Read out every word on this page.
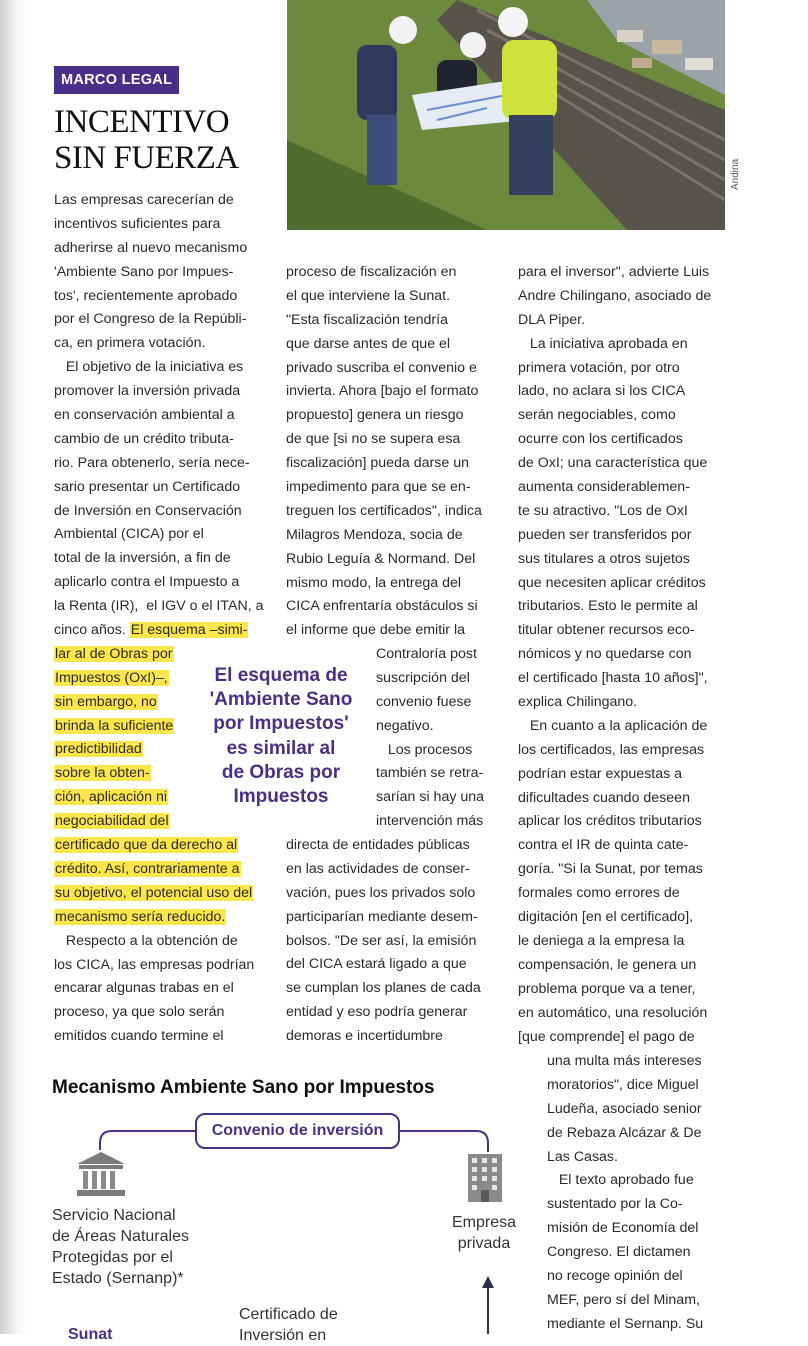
MARCO LEGAL
INCENTIVO
SIN FUERZA	Andina
Las empresas carecerían de
incentivos suficientes para
adherirse al nuevo mecanismo
'Ambiente Sano por Impues-
tos', recientemente aprobado
por el Congreso de la Repúbli-
ca, en primera votación.
El objetivo de la iniciativa es
promover la inversión privada
en conservación ambiental a
cambio de un crédito tributa-
rio. Para obtenerlo, sería nece-
sario presentar un Certificado
de Inversión en Conservación
Ambiental (CICA) por el
total de la inversión, a fin de
aplicarlo contra el Impuesto a
la Renta (IR),  el IGV o el ITAN, a
cinco años. El esquema –simi-
lar al de Obras por
Impuestos (OxI)–,
sin embargo, no
brinda la suficiente
predictibilidad
sobre la obten-
ción, aplicación ni
negociabilidad del
certificado que da derecho al
crédito. Así, contrariamente a
su objetivo, el potencial uso del
mecanismo sería reducido.
Respecto a la obtención de
los CICA, las empresas podrían
encarar algunas trabas en el
proceso, ya que solo serán
emitidos cuando termine el
El esquema de
'Ambiente Sano
por Impuestos'
es similar al
de Obras por
Impuestos
proceso de fiscalización en
el que interviene la Sunat.
"Esta fiscalización tendría
que darse antes de que el
privado suscriba el convenio e
invierta. Ahora [bajo el formato
propuesto] genera un riesgo
de que [si no se supera esa
fiscalización] pueda darse un
impedimento para que se en-
treguen los certificados", indica
Milagros Mendoza, socia de
Rubio Leguía & Normand. Del
mismo modo, la entrega del
CICA enfrentaría obstáculos si
el informe que debe emitir la
Contraloría post
suscripción del
convenio fuese
negativo.
Los procesos
también se retra-
sarían si hay una
intervención más
directa de entidades públicas
en las actividades de conser-
vación, pues los privados solo
participarían mediante desem-
bolsos. "De ser así, la emisión
del CICA estará ligado a que
se cumplan los planes de cada
entidad y eso podría generar
demoras e incertidumbre
para el inversor", advierte Luis
Andre Chilingano, asociado de
DLA Piper.
La iniciativa aprobada en
primera votación, por otro
lado, no aclara si los CICA
serán negociables, como
ocurre con los certificados
de OxI; una característica que
aumenta considerablemen-
te su atractivo. "Los de OxI
pueden ser transferidos por
sus titulares a otros sujetos
que necesiten aplicar créditos
tributarios. Esto le permite al
titular obtener recursos eco-
nómicos y no quedarse con
el certificado [hasta 10 años]",
explica Chilingano.
En cuanto a la aplicación de
los certificados, las empresas
podrían estar expuestas a
dificultades cuando deseen
aplicar los créditos tributarios
contra el IR de quinta cate-
goría. "Si la Sunat, por temas
formales como errores de
digitación [en el certificado],
le deniega a la empresa la
compensación, le genera un
problema porque va a tener,
en automático, una resolución
[que comprende] el pago de
una multa más intereses
moratorios", dice Miguel
Ludeña, asociado senior
de Rebaza Alcázar & De
Las Casas.
El texto aprobado fue
sustentado por la Co-
misión de Economía del
Congreso. El dictamen
no recoge opinión del
MEF, pero sí del Minam,
mediante el Sernanp. Su
Mecanismo Ambiente Sano por Impuestos
Convenio de inversión
Servicio Nacional
de Áreas Naturales
Protegidas por el
Estado (Sernanp)*
Empresa
privada
Certificado de
Inversión en
Sunat
